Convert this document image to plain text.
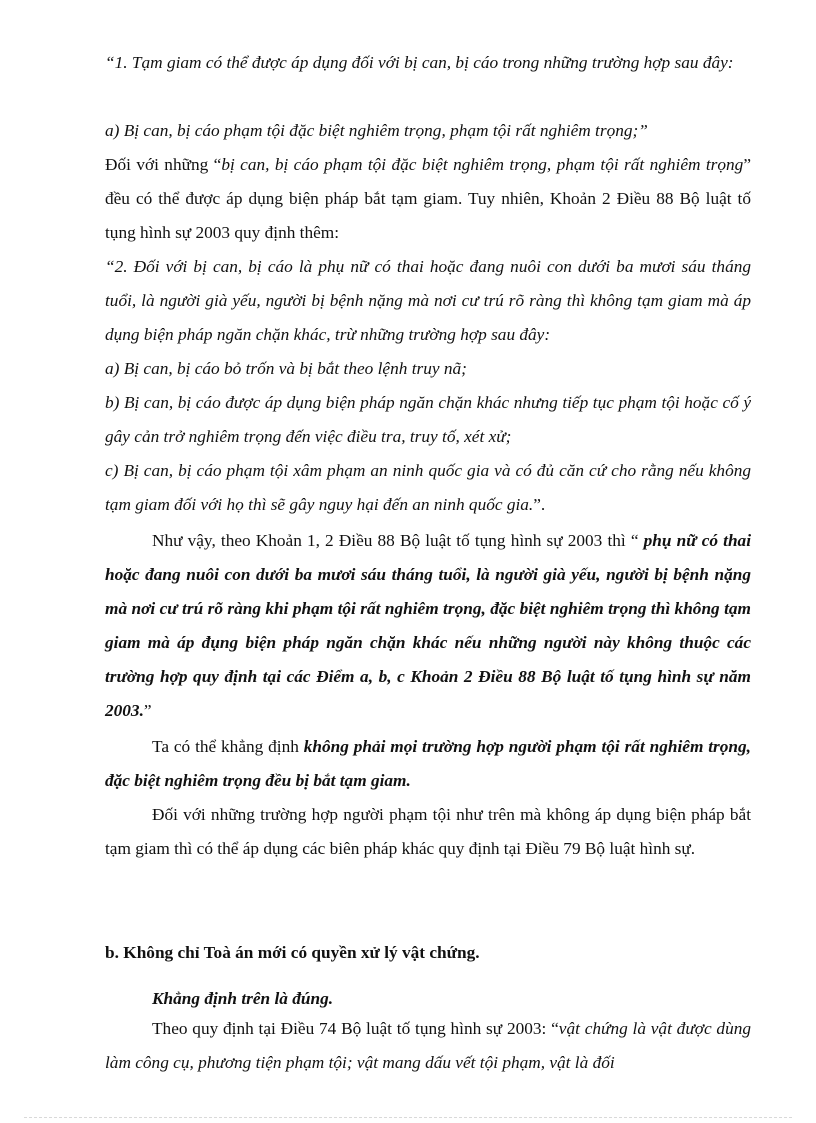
“1. Tạm giam có thể được áp dụng đối với bị can, bị cáo trong những trường hợp sau đây:
a) Bị can, bị cáo phạm tội đặc biệt nghiêm trọng, phạm tội rất nghiêm trọng;”
Đối với những “bị can, bị cáo phạm tội đặc biệt nghiêm trọng, phạm tội rất nghiêm trọng” đều có thể được áp dụng biện pháp bắt tạm giam. Tuy nhiên, Khoản 2 Điều 88 Bộ luật tố tụng hình sự 2003 quy định thêm:
“2. Đối với bị can, bị cáo là phụ nữ có thai hoặc đang nuôi con dưới ba mươi sáu tháng tuổi, là người già yếu, người bị bệnh nặng mà nơi cư trú rõ ràng thì không tạm giam mà áp dụng biện pháp ngăn chặn khác, trừ những trường hợp sau đây:
a) Bị can, bị cáo bỏ trốn và bị bắt theo lệnh truy nã;
b) Bị can, bị cáo được áp dụng biện pháp ngăn chặn khác nhưng tiếp tục phạm tội hoặc cố ý gây cản trở nghiêm trọng đến việc điều tra, truy tố, xét xử;
c) Bị can, bị cáo phạm tội xâm phạm an ninh quốc gia và có đủ căn cứ cho rằng nếu không tạm giam đối với họ thì sẽ gây nguy hại đến an ninh quốc gia.”.
Như vậy, theo Khoản 1, 2 Điều 88 Bộ luật tố tụng hình sự 2003 thì “ phụ nữ có thai hoặc đang nuôi con dưới ba mươi sáu tháng tuổi, là người già yếu, người bị bệnh nặng mà nơi cư trú rõ ràng khi phạm tội rất nghiêm trọng, đặc biệt nghiêm trọng thì không tạm giam mà áp đụng biện pháp ngăn chặn khác nếu những người này không thuộc các trường hợp quy định tại các Điểm a, b, c Khoản 2 Điều 88 Bộ luật tố tụng hình sự năm 2003.”
Ta có thể khẳng định không phải mọi trường hợp người phạm tội rất nghiêm trọng, đặc biệt nghiêm trọng đều bị bắt tạm giam.
Đối với những trường hợp người phạm tội như trên mà không áp dụng biện pháp bắt tạm giam thì có thể áp dụng các biên pháp khác quy định tại Điều 79 Bộ luật hình sự.
b. Không chỉ Toà án mới có quyền xử lý vật chứng.
Khẳng định trên là đúng.
Theo quy định tại Điều 74 Bộ luật tố tụng hình sự 2003: “vật chứng là vật được dùng làm công cụ, phương tiện phạm tội; vật mang dấu vết tội phạm, vật là đối
